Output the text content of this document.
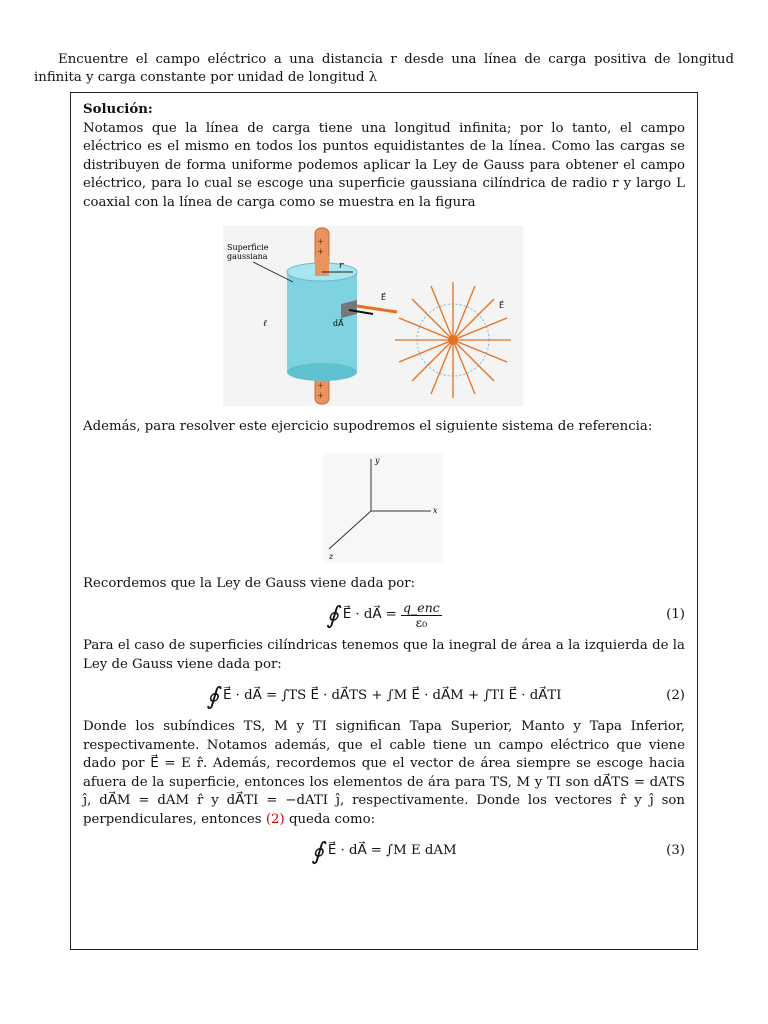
Encuentre el campo eléctrico a una distancia r desde una línea de carga positiva de longitud infinita y carga constante por unidad de longitud λ

Solución:

Notamos que la línea de carga tiene una longitud infinita; por lo tanto, el campo eléctrico es el mismo en todos los puntos equidistantes de la línea. Como las cargas se distribuyen de forma uniforme podemos aplicar la Ley de Gauss para obtener el campo eléctrico, para lo cual se escoge una superficie gaussiana cilíndrica de radio r y largo L coaxial con la línea de carga como se muestra en la figura

r
ℓ
Superficie
gaussiana
+
+
+
+
dA⃗
E⃗
E⃗

Además, para resolver este ejercicio supodremos el siguiente sistema de referencia:

y
x
z

Recordemos que la Ley de Gauss viene dada por:

∮ E⃗ · dA⃗ =
$\frac{\text{q\_enc}}{\text{ε₀}}$	(1)

Para el caso de superficies cilíndricas tenemos que la inegral de área a la izquierda de la Ley de Gauss viene dada por:

∮ E⃗ · dA⃗ = ∫TS E⃗ · dA⃗TS + ∫M E⃗ · dA⃗M + ∫TI E⃗ · dA⃗TI	(2)

Donde los subíndices TS, M y TI significan Tapa Superior, Manto y Tapa Inferior, respectivamente. Notamos además, que el cable tiene un campo eléctrico que viene dado por E⃗ = E r̂. Además, recordemos que el vector de área siempre se escoge hacia afuera de la superficie, entonces los elementos de ára para TS, M y TI son dA⃗TS = dATS ĵ, dA⃗M = dAM r̂ y dA⃗TI = −dATI ĵ, respectivamente. Donde los vectores r̂ y ĵ son perpendiculares, entonces (2) queda como:

∮ E⃗ · dA⃗ = ∫M E dAM	(3)
